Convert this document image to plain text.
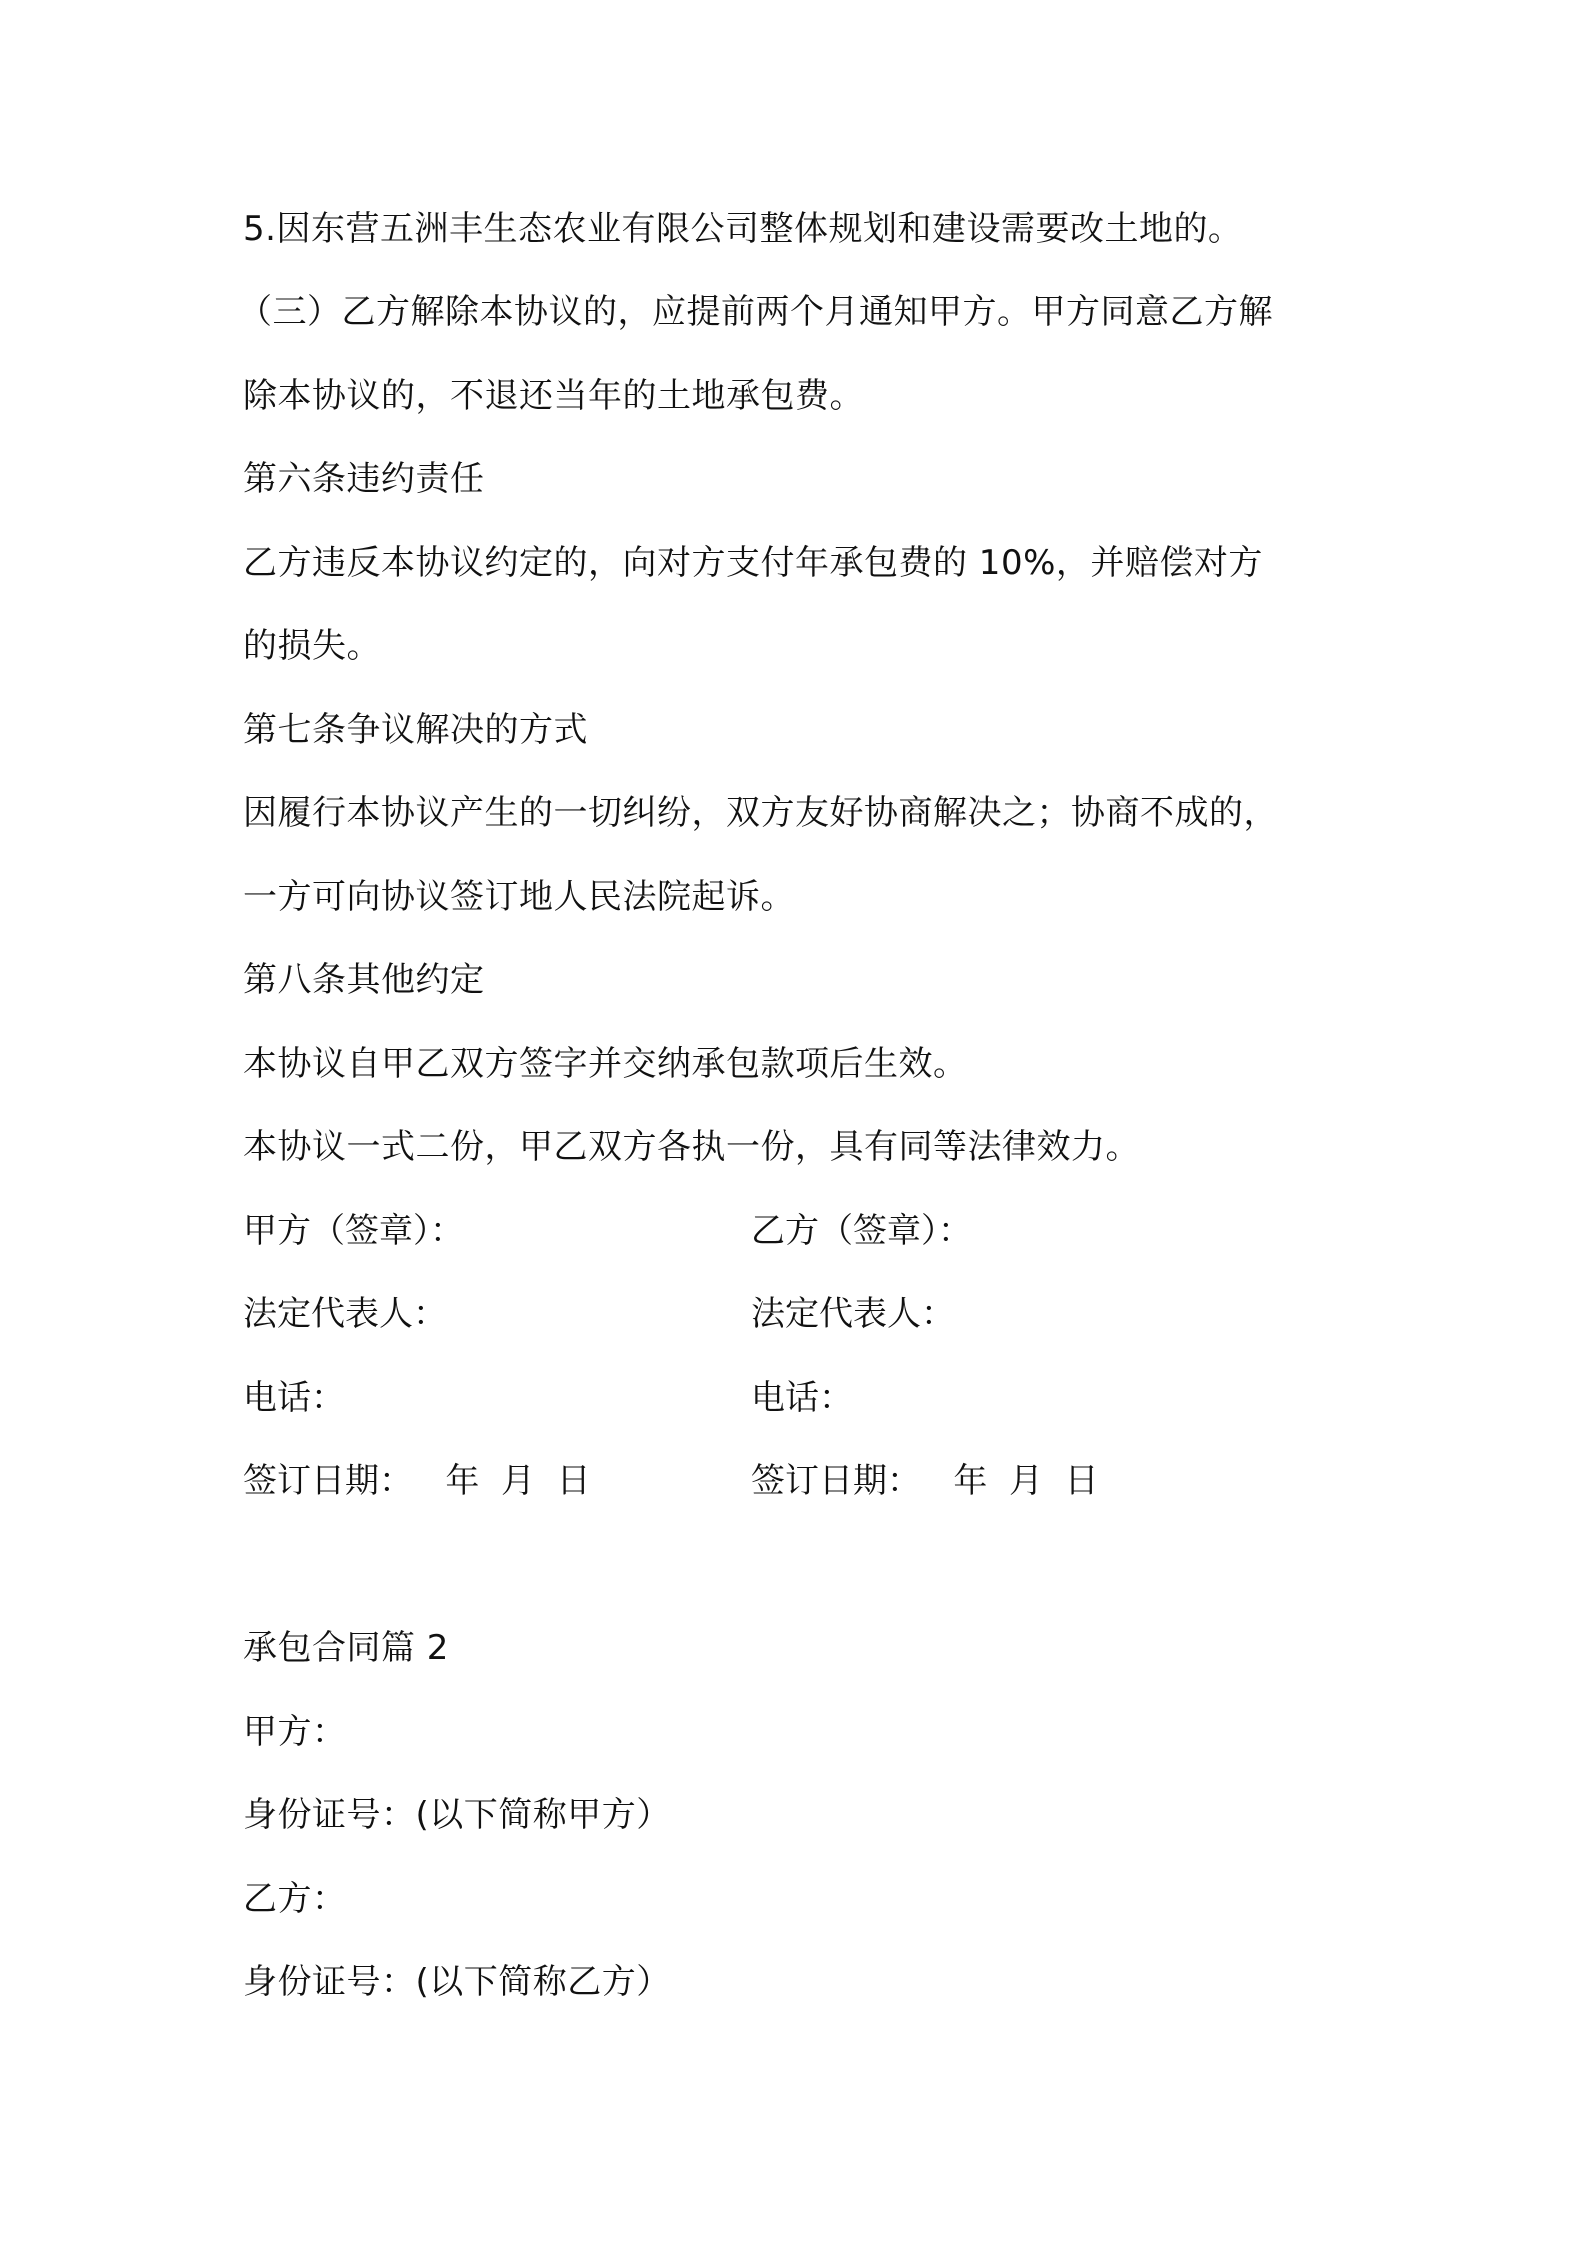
5.因东营五洲丰生态农业有限公司整体规划和建设需要改土地的。
（三）乙方解除本协议的，应提前两个月通知甲方。甲方同意乙方解
除本协议的，不退还当年的土地承包费。
第六条违约责任
乙方违反本协议约定的，向对方支付年承包费的 10%，并赔偿对方
的损失。
第七条争议解决的方式
因履行本协议产生的一切纠纷，双方友好协商解决之；协商不成的，
一方可向协议签订地人民法院起诉。
第八条其他约定
本协议自甲乙双方签字并交纳承包款项后生效。
本协议一式二份，甲乙双方各执一份，具有同等法律效力。
甲方（签章）：	乙方（签章）：
法定代表人：	法定代表人：
电话：	电话：
签订日期：   年  月  日	签订日期：   年  月  日
承包合同篇 2
甲方：
身份证号：(以下简称甲方）
乙方：
身份证号：(以下简称乙方）
